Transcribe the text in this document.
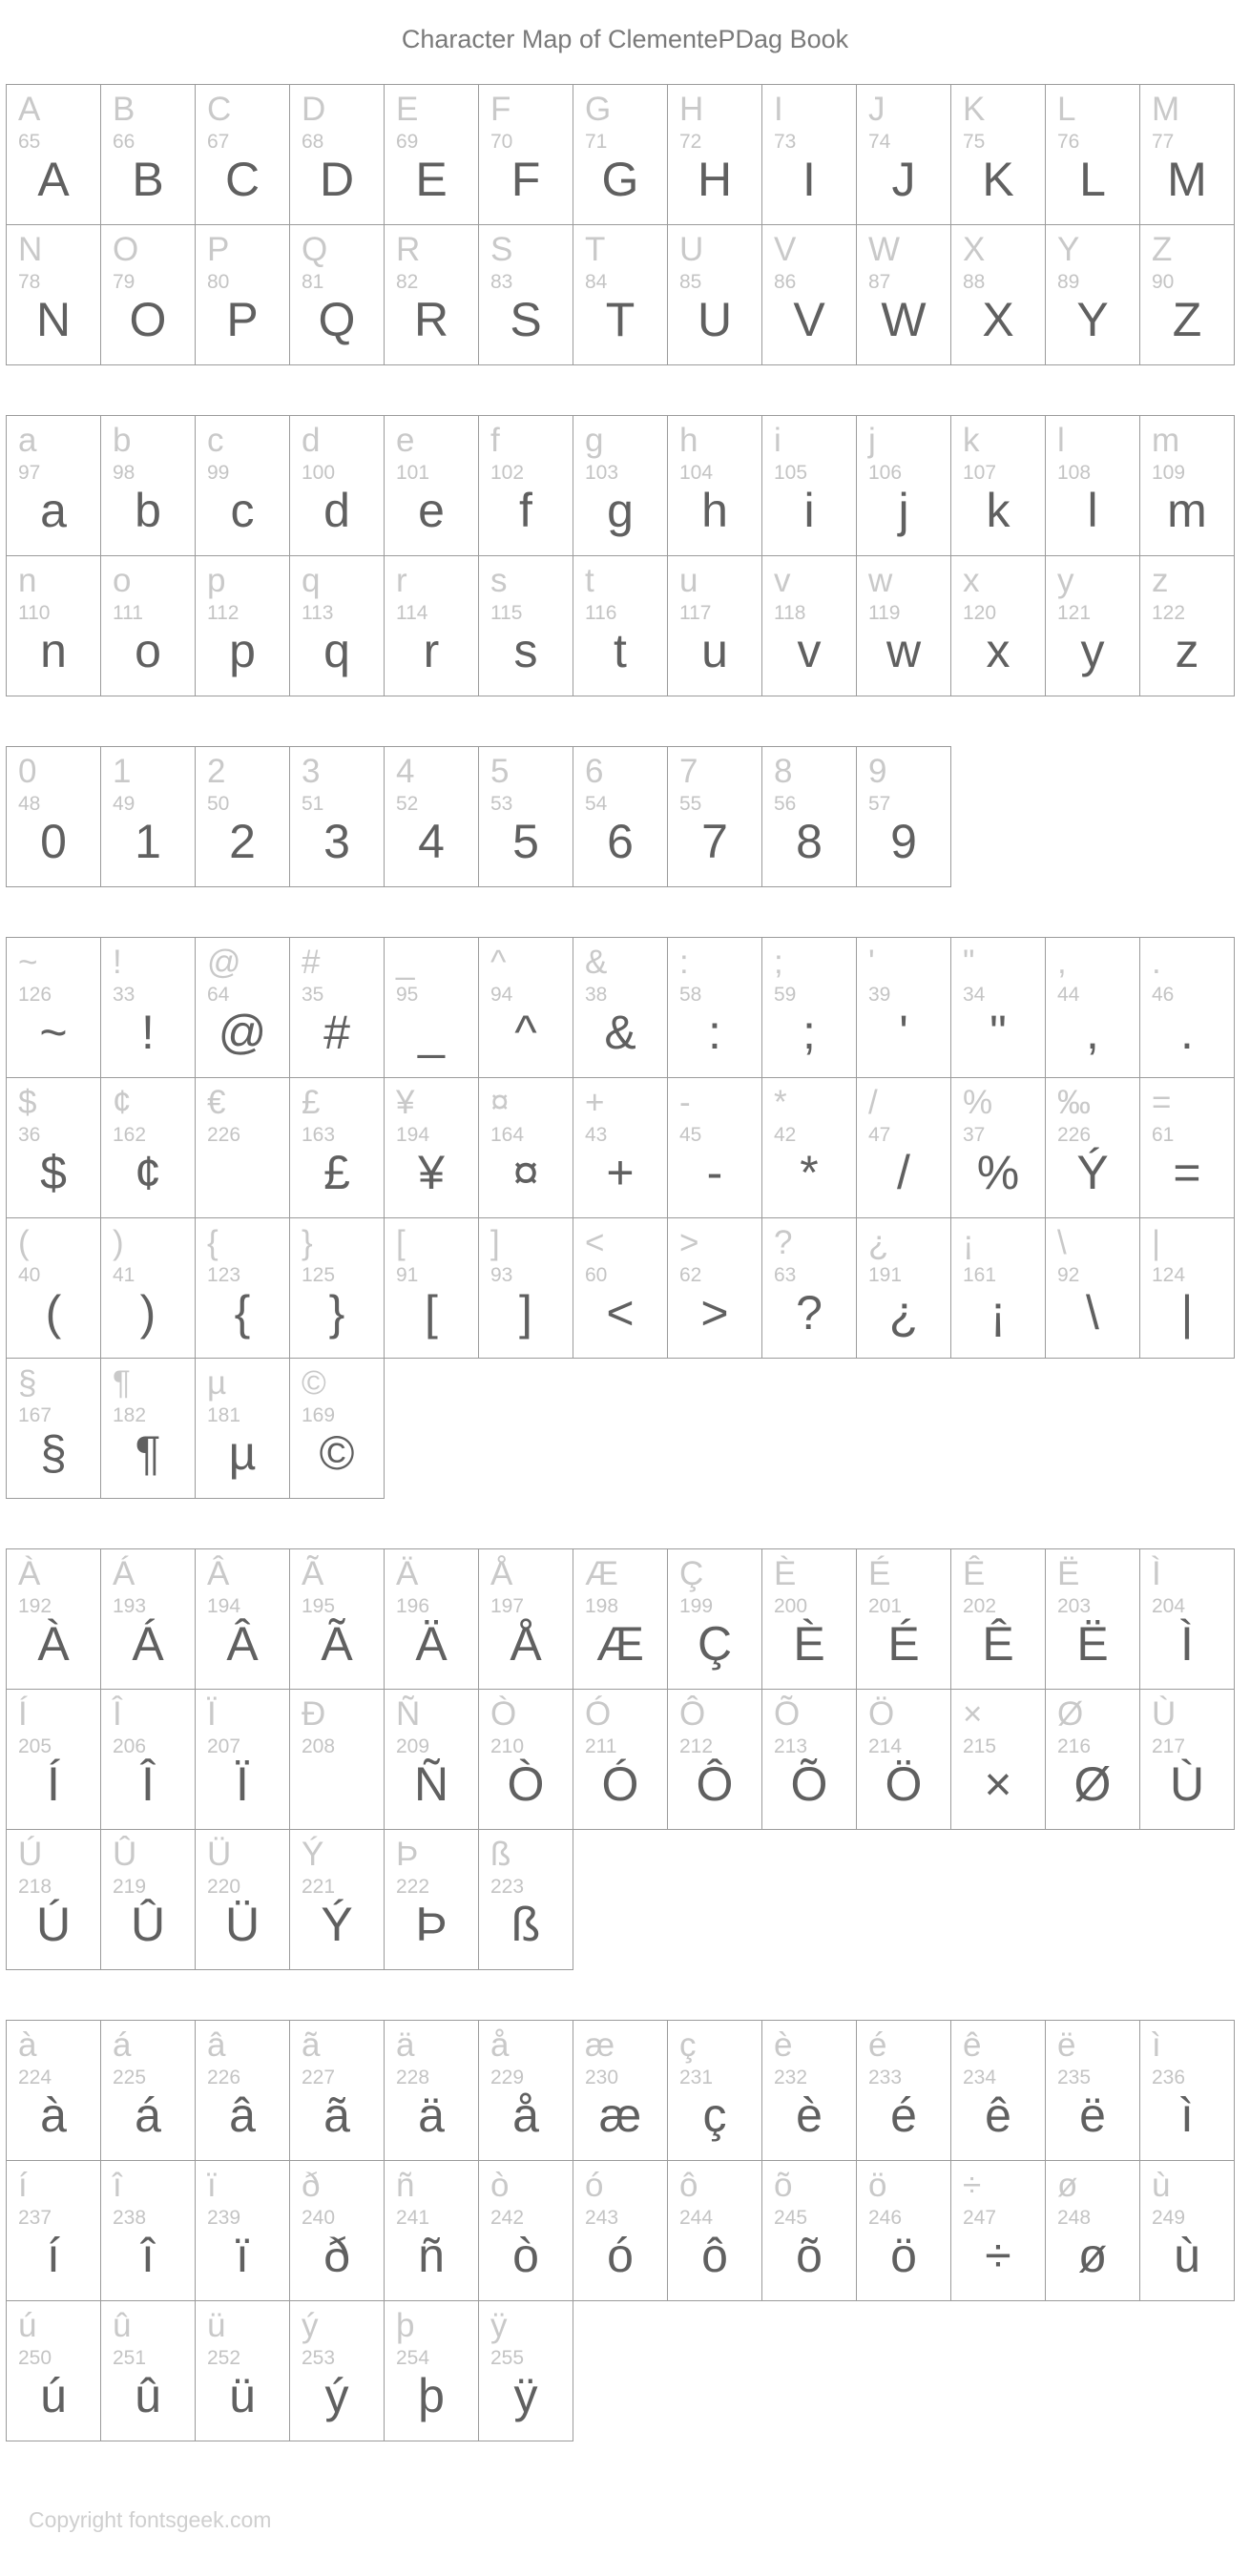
Character Map of ClementePDag Book
A
65
A
B
66
B
C
67
C
D
68
D
E
69
E
F
70
F
G
71
G
H
72
H
I
73
I
J
74
J
K
75
K
L
76
L
M
77
M
N
78
N
O
79
O
P
80
P
Q
81
Q
R
82
R
S
83
S
T
84
T
U
85
U
V
86
V
W
87
W
X
88
X
Y
89
Y
Z
90
Z
a
97
a
b
98
b
c
99
c
d
100
d
e
101
e
f
102
f
g
103
g
h
104
h
i
105
i
j
106
j
k
107
k
l
108
l
m
109
m
n
110
n
o
111
o
p
112
p
q
113
q
r
114
r
s
115
s
t
116
t
u
117
u
v
118
v
w
119
w
x
120
x
y
121
y
z
122
z
0
48
0
1
49
1
2
50
2
3
51
3
4
52
4
5
53
5
6
54
6
7
55
7
8
56
8
9
57
9
~
126
~
!
33
!
@
64
@
#
35
#
_
95
_
^
94
^
&
38
&
:
58
:
;
59
;
'
39
'
"
34
"
,
44
,
.
46
.
$
36
$
¢
162
¢
€
226
£
163
£
¥
194
¥
¤
164
¤
+
43
+
-
45
-
*
42
*
/
47
/
%
37
%
‰
226
Ý
=
61
=
(
40
(
)
41
)
{
123
{
}
125
}
[
91
[
]
93
]
<
60
<
>
62
>
?
63
?
¿
191
¿
¡
161
¡
\
92
\
|
124
|
§
167
§
¶
182
¶
µ
181
µ
©
169
©
À
192
À
Á
193
Á
Â
194
Â
Ã
195
Ã
Ä
196
Ä
Å
197
Å
Æ
198
Æ
Ç
199
Ç
È
200
È
É
201
É
Ê
202
Ê
Ë
203
Ë
Ì
204
Ì
Í
205
Í
Î
206
Î
Ï
207
Ï
Ð
208
Ñ
209
Ñ
Ò
210
Ò
Ó
211
Ó
Ô
212
Ô
Õ
213
Õ
Ö
214
Ö
×
215
×
Ø
216
Ø
Ù
217
Ù
Ú
218
Ú
Û
219
Û
Ü
220
Ü
Ý
221
Ý
Þ
222
Þ
ß
223
ß
à
224
à
á
225
á
â
226
â
ã
227
ã
ä
228
ä
å
229
å
æ
230
æ
ç
231
ç
è
232
è
é
233
é
ê
234
ê
ë
235
ë
ì
236
ì
í
237
í
î
238
î
ï
239
ï
ð
240
ð
ñ
241
ñ
ò
242
ò
ó
243
ó
ô
244
ô
õ
245
õ
ö
246
ö
÷
247
÷
ø
248
ø
ù
249
ù
ú
250
ú
û
251
û
ü
252
ü
ý
253
ý
þ
254
þ
ÿ
255
ÿ
Copyright fontsgeek.com
